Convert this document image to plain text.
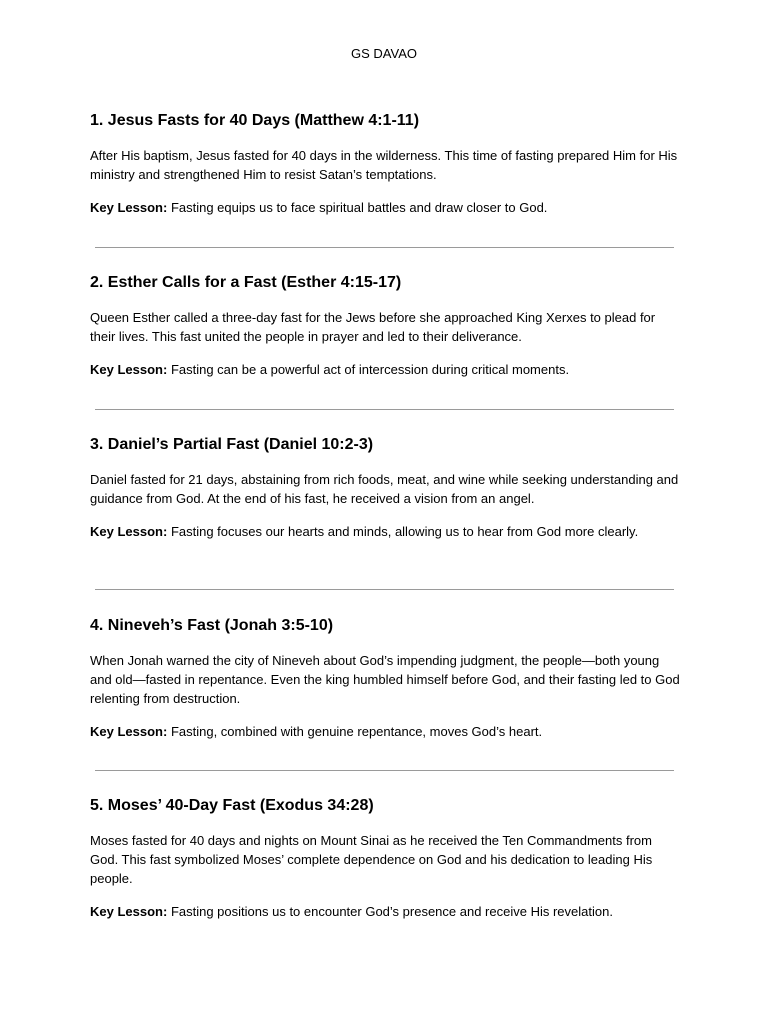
GS DAVAO
1. Jesus Fasts for 40 Days (Matthew 4:1-11)

After His baptism, Jesus fasted for 40 days in the wilderness. This time of fasting prepared Him for His ministry and strengthened Him to resist Satan’s temptations.

Key Lesson: Fasting equips us to face spiritual battles and draw closer to God.

2. Esther Calls for a Fast (Esther 4:15-17)

Queen Esther called a three-day fast for the Jews before she approached King Xerxes to plead for their lives. This fast united the people in prayer and led to their deliverance.

Key Lesson: Fasting can be a powerful act of intercession during critical moments.

3. Daniel’s Partial Fast (Daniel 10:2-3)

Daniel fasted for 21 days, abstaining from rich foods, meat, and wine while seeking understanding and guidance from God. At the end of his fast, he received a vision from an angel.

Key Lesson: Fasting focuses our hearts and minds, allowing us to hear from God more clearly.

4. Nineveh’s Fast (Jonah 3:5-10)

When Jonah warned the city of Nineveh about God’s impending judgment, the people—both young and old—fasted in repentance. Even the king humbled himself before God, and their fasting led to God relenting from destruction.

Key Lesson: Fasting, combined with genuine repentance, moves God’s heart.

5. Moses’ 40-Day Fast (Exodus 34:28)

Moses fasted for 40 days and nights on Mount Sinai as he received the Ten Commandments from God. This fast symbolized Moses’ complete dependence on God and his dedication to leading His people.

Key Lesson: Fasting positions us to encounter God’s presence and receive His revelation.
